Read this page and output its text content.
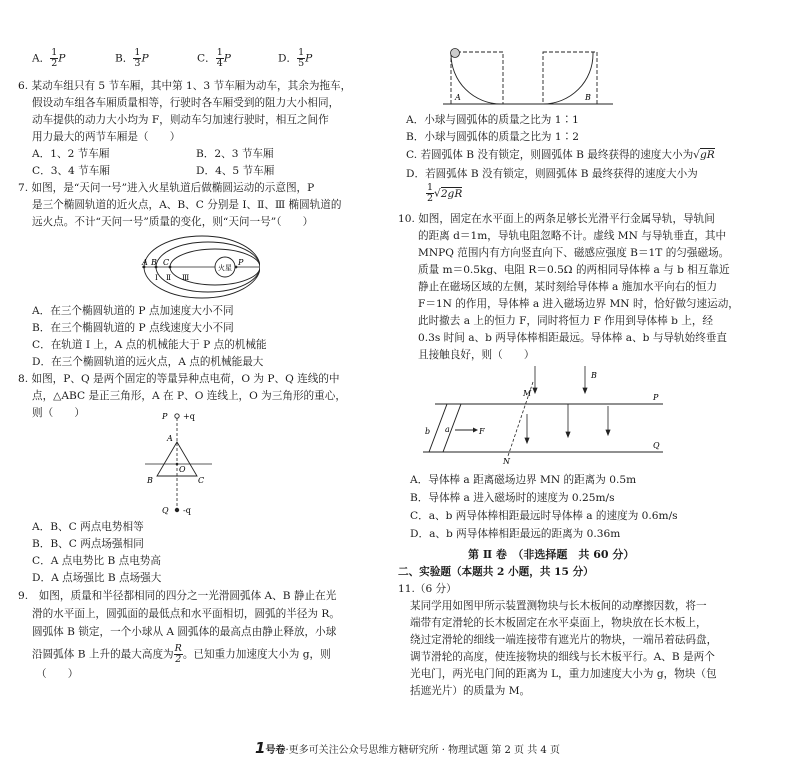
A． $\frac{1}{2}$ P	B． $\frac{1}{3}$ P	C． $\frac{1}{4}$ P	D． $\frac{1}{5}$ P
6. 某动车组只有 5 节车厢，其中第 1、3 节车厢为动车，其余为拖车，
假设动车组各车厢质量相等，行驶时各车厢受到的阻力大小相同，
动车提供的动力大小均为 F，则动车匀加速行驶时，相互之间作
用力最大的两节车厢是（　　）
A．1、2 节车厢	B．2、3 节车厢
C．3、4 节车厢	D．4、5 节车厢
7. 如图，是“天问一号”进入火星轨道后做椭圆运动的示意图，P
是三个椭圆轨道的近火点，A、B、C 分别是 Ⅰ、Ⅱ、Ⅲ 椭圆轨道的
远火点。不计“天问一号”质量的变化，则“天问一号”（　　）
火星
A B C
Ⅰ Ⅱ Ⅲ
P
A．在三个椭圆轨道的 P 点加速度大小不同
B．在三个椭圆轨道的 P 点线速度大小不同
C．在轨道 Ⅰ 上，A 点的机械能大于 P 点的机械能
D．在三个椭圆轨道的远火点，A 点的机械能最大
8. 如图，P、Q 是两个固定的等量异种点电荷，O 为 P、Q 连线的中
点，△ABC 是正三角形，A 在 P、O 连线上，O 为三角形的重心，
则（　　）	P +q
Q -q
A
B	C
O
A．B、C 两点电势相等
B．B、C 两点场强相同
C．A 点电势比 B 点电势高
D．A 点场强比 B 点场强大
9.　如图，质量和半径都相同的四分之一光滑圆弧体 A、B 静止在光
滑的水平面上，圆弧面的最低点和水平面相切，圆弧的半径为 R。
圆弧体 B 锁定，一个小球从 A 圆弧体的最高点由静止释放，小球
沿圆弧体 B 上升的最大高度为 $\frac{R}{2}$ 。已知重力加速度大小为 g，则
（　　）
A	B
A．小球与圆弧体的质量之比为 1∶1
B．小球与圆弧体的质量之比为 1∶2
C. 若圆弧体 B 没有锁定，则圆弧体 B 最终获得的速度大小为√gR
D．若圆弧体 B 没有锁定，则圆弧体 B 最终获得的速度大小为
$\frac{1}{2} √2gR$
10. 如图，固定在水平面上的两条足够长光滑平行金属导轨，导轨间
的距离 d＝1m，导轨电阻忽略不计。虚线 MN 与导轨垂直，其中
MNPQ 范围内有方向竖直向下、磁感应强度 B＝1T 的匀强磁场。
质量 m＝0.5kg、电阻 R＝0.5Ω 的两相同导体棒 a 与 b 相互靠近
静止在磁场区域的左侧，某时刻给导体棒 a 施加水平向右的恒力
F＝1N 的作用，导体棒 a 进入磁场边界 MN 时，恰好做匀速运动，
此时撤去 a 上的恒力 F，同时将恒力 F 作用到导体棒 b 上，经
0.3s 时间 a、b 两导体棒相距最远。导体棒 a、b 与导轨始终垂直
且接触良好，则（　　）
P
Q
b a	F
M
N
B
A．导体棒 a 距离磁场边界 MN 的距离为 0.5m
B．导体棒 a 进入磁场时的速度为 0.25m/s
C．a、b 两导体棒相距最远时导体棒 a 的速度为 0.6m/s
D．a、b 两导体棒相距最远的距离为 0.36m
第 Ⅱ 卷　（非选择题　共 60 分）
二、实验题（本题共 2 小题，共 15 分）
11.（6 分）
某同学用如图甲所示装置测物块与长木板间的动摩擦因数，将一
端带有定滑轮的长木板固定在水平桌面上，物块放在长木板上，
绕过定滑轮的细线一端连接带有遮光片的物块，一端吊着砝码盘，
调节滑轮的高度，使连接物块的细线与长木板平行。A、B 是两个
光电门，两光电门间的距离为 L，重力加速度大小为 g，物块（包
括遮光片）的质量为 M。
1号卷·更多可关注公众号思维方糖研究所 · 物理试题 第 2 页 共 4 页
